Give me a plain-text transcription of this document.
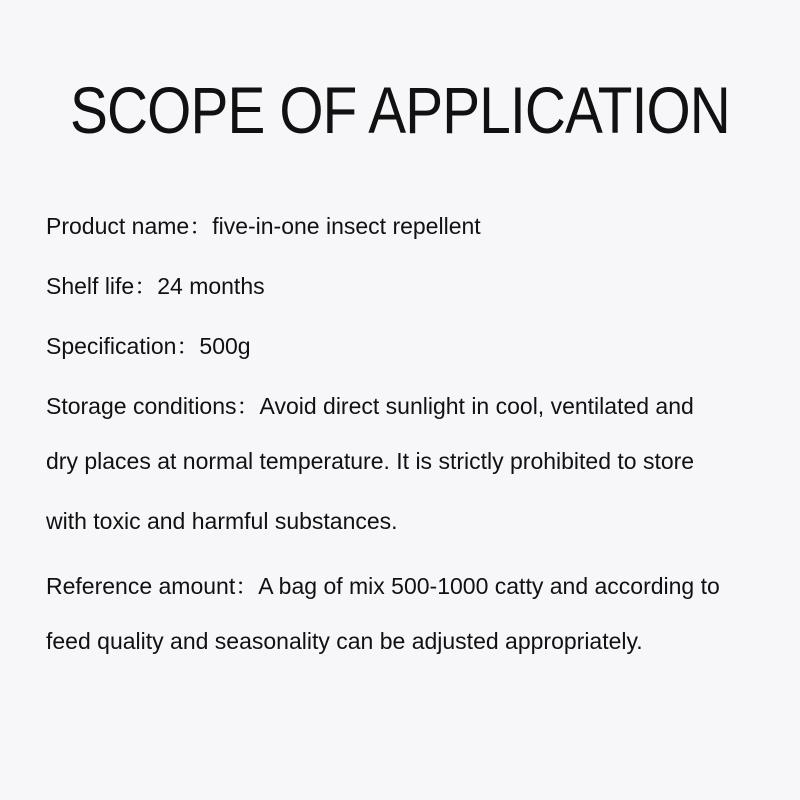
SCOPE OF APPLICATION
Product name：five-in-one insect repellent
Shelf life：24 months
Specification：500g
Storage conditions：Avoid direct sunlight in cool, ventilated and
dry places at normal temperature. It is strictly prohibited to store
with toxic and harmful substances.
Reference amount：A bag of mix 500-1000 catty and according to
feed quality and seasonality can be adjusted appropriately.
